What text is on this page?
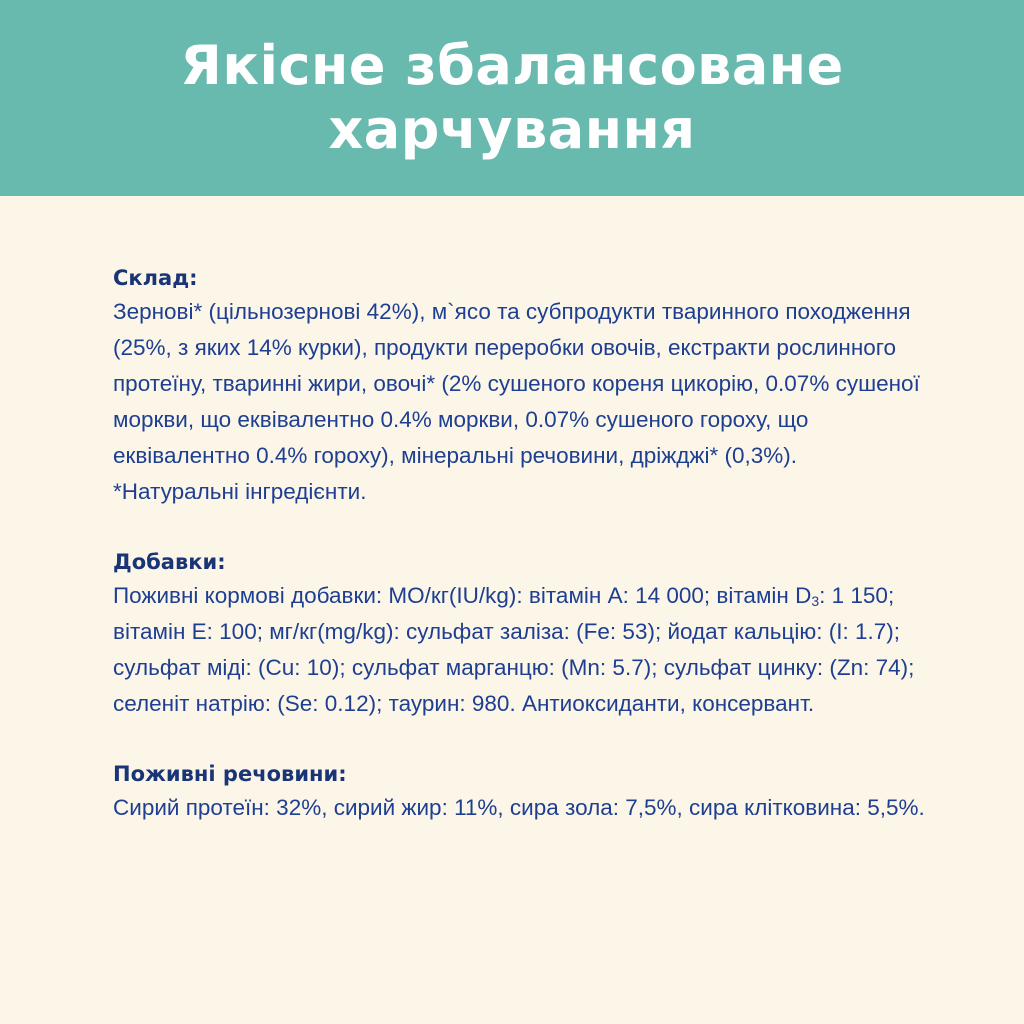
Якісне збалансоване
харчування
Склад:

Зернові* (цільнозернові 42%), м`ясо та субпродукти тваринного походження (25%, з яких 14% курки), продукти переробки овочів, екстракти рослинного протеїну, тваринні жири, овочі* (2% сушеного кореня цикорію, 0.07% сушеної моркви, що еквівалентно 0.4% моркви, 0.07% сушеного гороху, що еквівалентно 0.4% гороху), мінеральні речовини, дріжджі* (0,3%).

*Натуральні інгредієнти.

Добавки:

Поживні кормові добавки: МО/кг(IU/kg): вітамін А: 14 000; вітамін $D_3$: 1 150; вітамін Е: 100; мг/кг(mg/kg): сульфат заліза: (Fe: 53); йодат кальцію: (I: 1.7); сульфат міді: (Cu: 10); сульфат марганцю: (Mn: 5.7); сульфат цинку: (Zn: 74); селеніт натрію: (Se: 0.12); таурин: 980. Антиоксиданти, консервант.

Поживні речовини:

Сирий протеїн: 32%, сирий жир: 11%, сира зола: 7,5%, сира клітковина: 5,5%.
